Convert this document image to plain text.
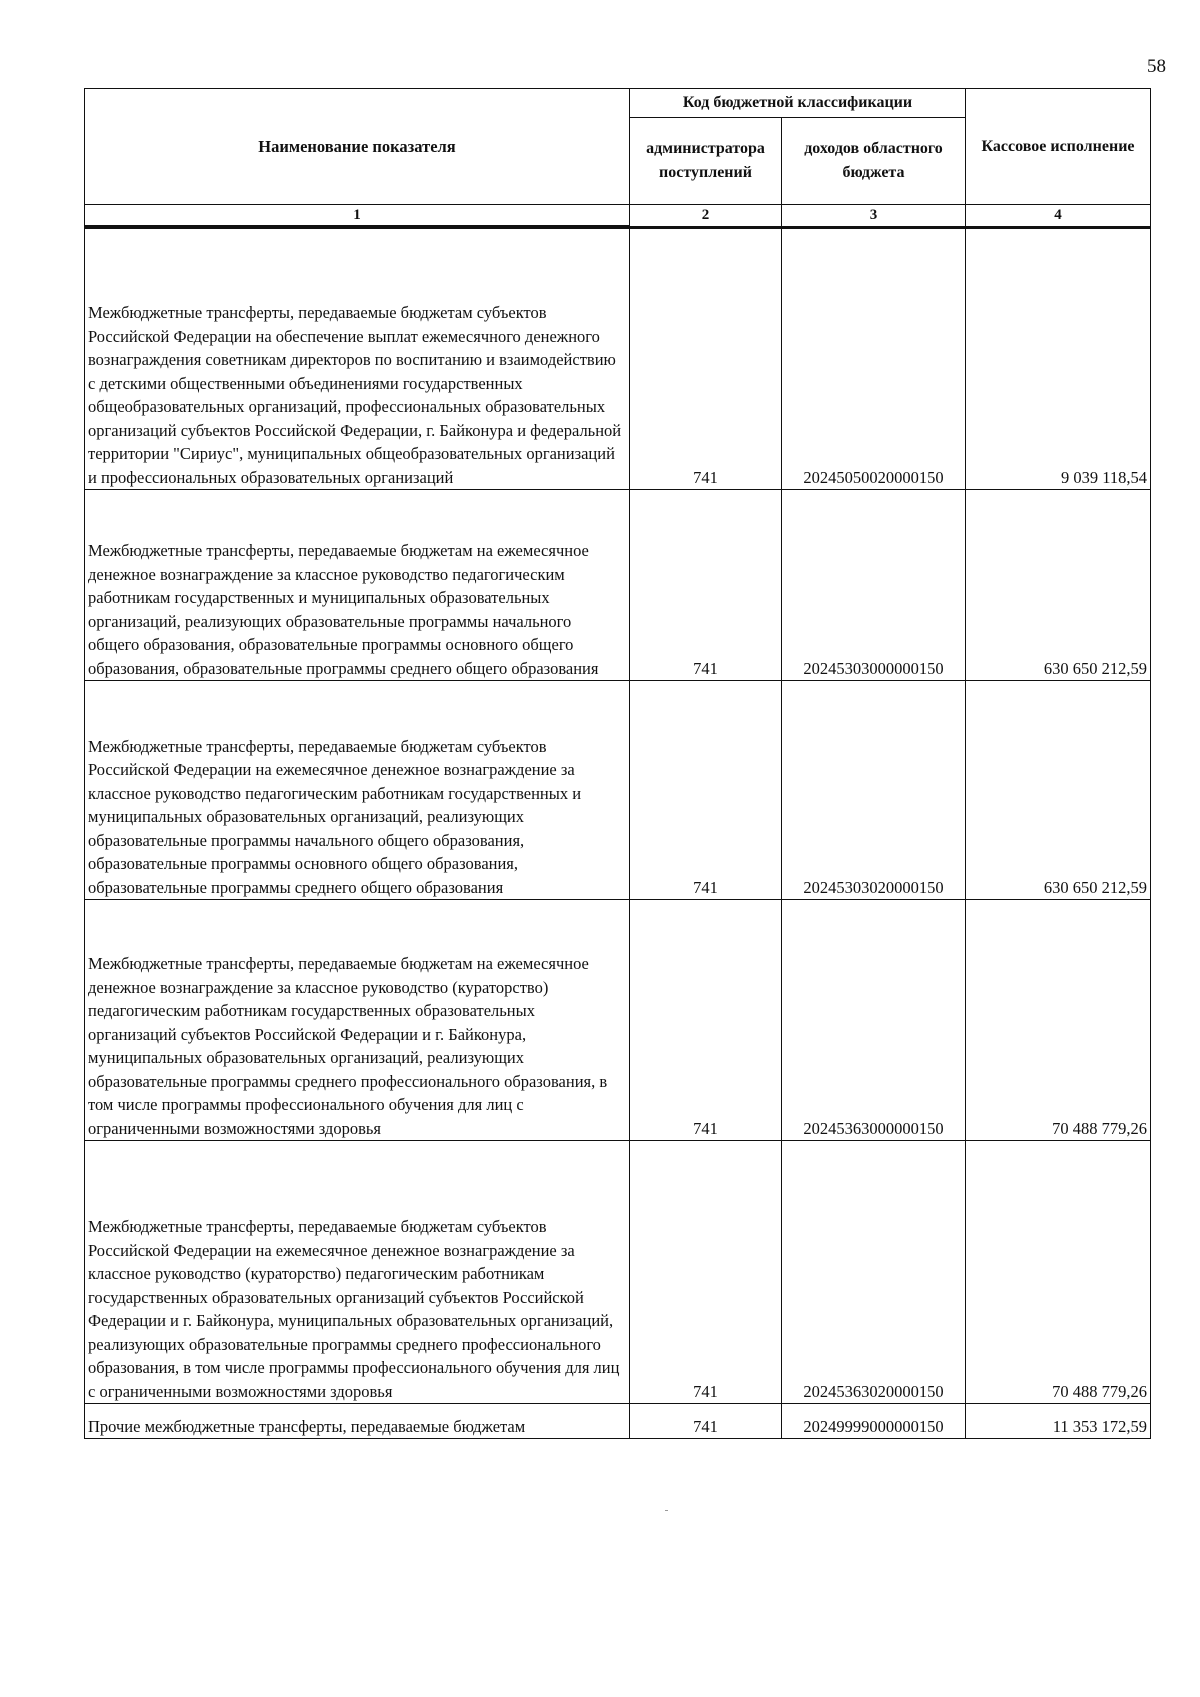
58
Наименование показателя	Код бюджетной классификации		Кассовое исполнение
	администратора поступлений	доходов областного бюджета	
1	2	3	4
Межбюджетные трансферты, передаваемые бюджетам субъектов Российской Федерации на обеспечение выплат ежемесячного денежного вознаграждения советникам директоров по воспитанию и взаимодействию с детскими общественными объединениями государственных общеобразовательных организаций, профессиональных образовательных организаций субъектов Российской Федерации, г. Байконура и федеральной территории "Сириус", муниципальных общеобразовательных организаций и профессиональных образовательных организаций	741	20245050020000150	9 039 118,54
Межбюджетные трансферты, передаваемые бюджетам на ежемесячное денежное вознаграждение за классное руководство педагогическим работникам государственных и муниципальных образовательных организаций, реализующих образовательные программы начального общего образования, образовательные программы основного общего образования, образовательные программы среднего общего образования	741	20245303000000150	630 650 212,59
Межбюджетные трансферты, передаваемые бюджетам субъектов Российской Федерации на ежемесячное денежное вознаграждение за классное руководство педагогическим работникам государственных и муниципальных образовательных организаций, реализующих образовательные программы начального общего образования, образовательные программы основного общего образования, образовательные программы среднего общего образования	741	20245303020000150	630 650 212,59
Межбюджетные трансферты, передаваемые бюджетам на ежемесячное денежное вознаграждение за классное руководство (кураторство) педагогическим работникам государственных образовательных организаций субъектов Российской Федерации и г. Байконура, муниципальных образовательных организаций, реализующих образовательные программы среднего профессионального образования, в том числе программы профессионального обучения для лиц с ограниченными возможностями здоровья	741	20245363000000150	70 488 779,26
Межбюджетные трансферты, передаваемые бюджетам субъектов Российской Федерации на ежемесячное денежное вознаграждение за классное руководство (кураторство) педагогическим работникам государственных образовательных организаций субъектов Российской Федерации и г. Байконура, муниципальных образовательных организаций, реализующих образовательные программы среднего профессионального образования, в том числе программы профессионального обучения для лиц с ограниченными возможностями здоровья	741	20245363020000150	70 488 779,26
Прочие межбюджетные трансферты, передаваемые бюджетам	741	20249999000000150	11 353 172,59
